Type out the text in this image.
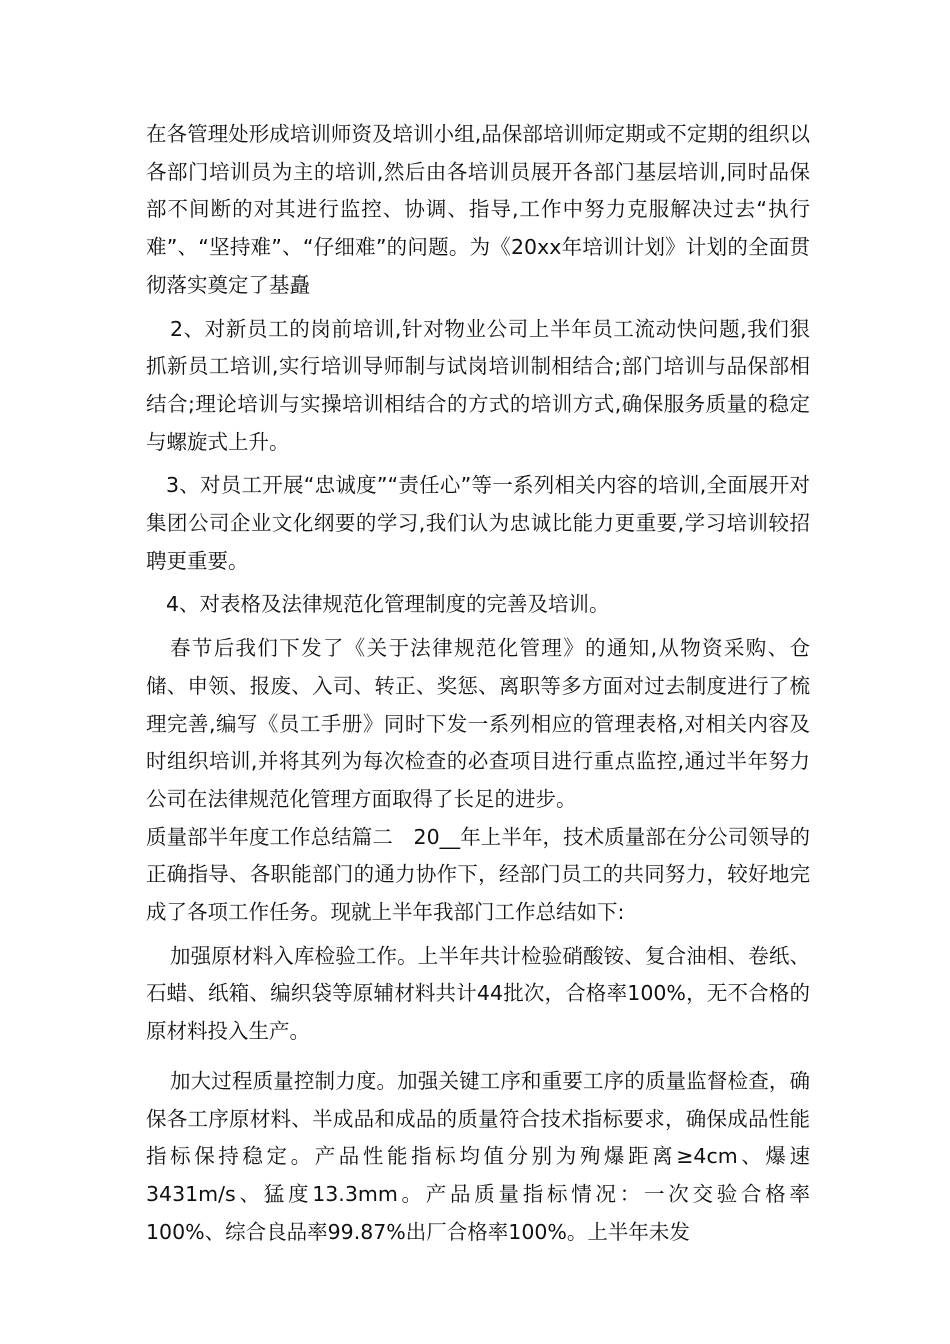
在各管理处形成培训师资及培训小组,品保部培训师定期或不定期的组织以各部门培训员为主的培训,然后由各培训员展开各部门基层培训,同时品保部不间断的对其进行监控、协调、指导,工作中努力克服解决过去“执行难”、“坚持难”、“仔细难”的问题。为《20xx年培训计划》计划的全面贯彻落实奠定了基矗

2、对新员工的岗前培训,针对物业公司上半年员工流动快问题,我们狠抓新员工培训,实行培训导师制与试岗培训制相结合;部门培训与品保部相结合;理论培训与实操培训相结合的方式的培训方式,确保服务质量的稳定与螺旋式上升。

3、对员工开展“忠诚度”“责任心”等一系列相关内容的培训,全面展开对集团公司企业文化纲要的学习,我们认为忠诚比能力更重要,学习培训较招聘更重要。

4、对表格及法律规范化管理制度的完善及培训。

春节后我们下发了《关于法律规范化管理》的通知,从物资采购、仓储、申领、报废、入司、转正、奖惩、离职等多方面对过去制度进行了梳理完善,编写《员工手册》同时下发一系列相应的管理表格,对相关内容及时组织培训,并将其列为每次检查的必查项目进行重点监控,通过半年努力公司在法律规范化管理方面取得了长足的进步。

质量部半年度工作总结篇二　20__年上半年，技术质量部在分公司领导的正确指导、各职能部门的通力协作下，经部门员工的共同努力，较好地完成了各项工作任务。现就上半年我部门工作总结如下:

加强原材料入库检验工作。上半年共计检验硝酸铵、复合油相、卷纸、石蜡、纸箱、编织袋等原辅材料共计44批次，合格率100%，无不合格的原材料投入生产。

加大过程质量控制力度。加强关键工序和重要工序的质量监督检查，确保各工序原材料、半成品和成品的质量符合技术指标要求，确保成品性能指标保持稳定。产品性能指标均值分别为殉爆距离≥4cm、爆速3431m/s、猛度13.3mm。产品质量指标情况：一次交验合格率100%、综合良品率99.87%出厂合格率100%。上半年未发
